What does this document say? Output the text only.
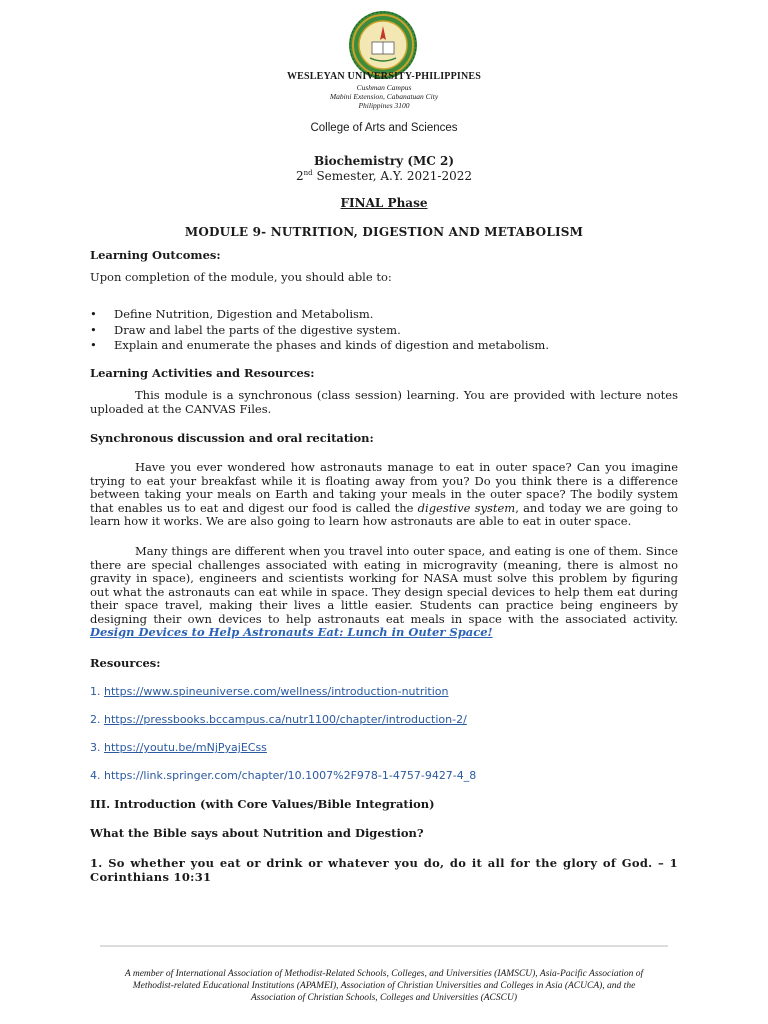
WESLEYAN UNIVERSITY-PHILIPPINES
Cushman Campus
Mabini Extension, Cabanatuan City
Philippines 3100
College of Arts and Sciences
Biochemistry (MC 2)
2nd Semester, A.Y. 2021-2022
FINAL Phase
MODULE 9- NUTRITION, DIGESTION AND METABOLISM
Learning Outcomes:
Upon completion of the module, you should able to:
• Define Nutrition, Digestion and Metabolism.
• Draw and label the parts of the digestive system.
• Explain and enumerate the phases and kinds of digestion and metabolism.
Learning Activities and Resources:
This module is a synchronous (class session) learning. You are provided with lecture notes uploaded at the CANVAS Files.
Synchronous discussion and oral recitation:
Have you ever wondered how astronauts manage to eat in outer space? Can you imagine trying to eat your breakfast while it is floating away from you? Do you think there is a difference between taking your meals on Earth and taking your meals in the outer space? The bodily system that enables us to eat and digest our food is called the digestive system, and today we are going to learn how it works. We are also going to learn how astronauts are able to eat in outer space.
Many things are different when you travel into outer space, and eating is one of them. Since there are special challenges associated with eating in microgravity (meaning, there is almost no gravity in space), engineers and scientists working for NASA must solve this problem by figuring out what the astronauts can eat while in space. They design special devices to help them eat during their space travel, making their lives a little easier. Students can practice being engineers by designing their own devices to help astronauts eat meals in space with the associated activity. Design Devices to Help Astronauts Eat: Lunch in Outer Space!
Resources:
1. https://www.spineuniverse.com/wellness/introduction-nutrition
2. https://pressbooks.bccampus.ca/nutr1100/chapter/introduction-2/
3. https://youtu.be/mNjPyajECss
4. https://link.springer.com/chapter/10.1007%2F978-1-4757-9427-4_8
III. Introduction (with Core Values/Bible Integration)
What the Bible says about Nutrition and Digestion?
1. So whether you eat or drink or whatever you do, do it all for the glory of God. – 1 Corinthians 10:31
A member of International Association of Methodist-Related Schools, Colleges, and Universities (IAMSCU), Asia-Pacific Association of Methodist-related Educational Institutions (APAMEI), Association of Christian Universities and Colleges in Asia (ACUCA), and the Association of Christian Schools, Colleges and Universities (ACSCU)
